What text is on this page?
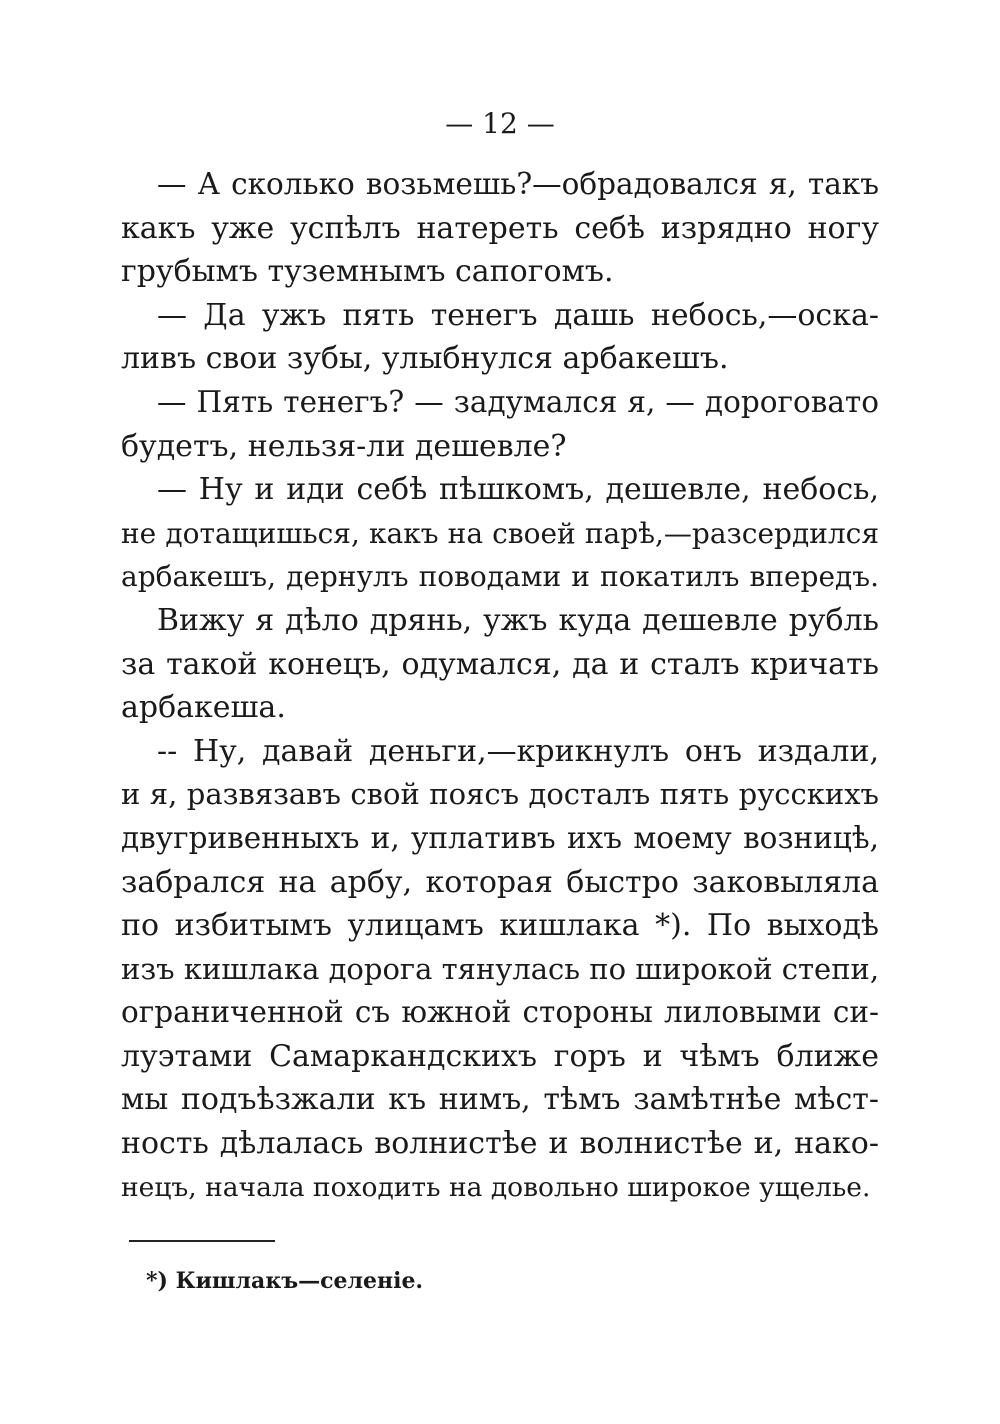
— 12 —
— А сколько возьмешь?—обрадовался я, такъ
какъ уже успѣлъ натереть себѣ изрядно ногу
грубымъ туземнымъ сапогомъ.
— Да ужъ пять тенегъ дашь небось,—оска-
ливъ свои зубы, улыбнулся арбакешъ.
— Пять тенегъ? — задумался я, — дороговато
будетъ, нельзя-ли дешевле?
— Ну и иди себѣ пѣшкомъ, дешевле, небось,
не дотащишься, какъ на своей парѣ,—разсердился
арбакешъ, дернулъ поводами и покатилъ впередъ.
Вижу я дѣло дрянь, ужъ куда дешевле рубль
за такой конецъ, одумался, да и сталъ кричать
арбакеша.
-- Ну, давай деньги,—крикнулъ онъ издали,
и я, развязавъ свой поясъ досталъ пять русскихъ
двугривенныхъ и, уплативъ ихъ моему возницѣ,
забрался на арбу, которая быстро заковыляла
по избитымъ улицамъ кишлака *). По выходѣ
изъ кишлака дорога тянулась по широкой степи,
ограниченной съ южной стороны лиловыми си-
луэтами Самаркандскихъ горъ и чѣмъ ближе
мы подъѣзжали къ нимъ, тѣмъ замѣтнѣе мѣст-
ность дѣлалась волнистѣе и волнистѣе и, нако-
нецъ, начала походить на довольно широкое ущелье.
*) Кишлакъ—селеніе.
